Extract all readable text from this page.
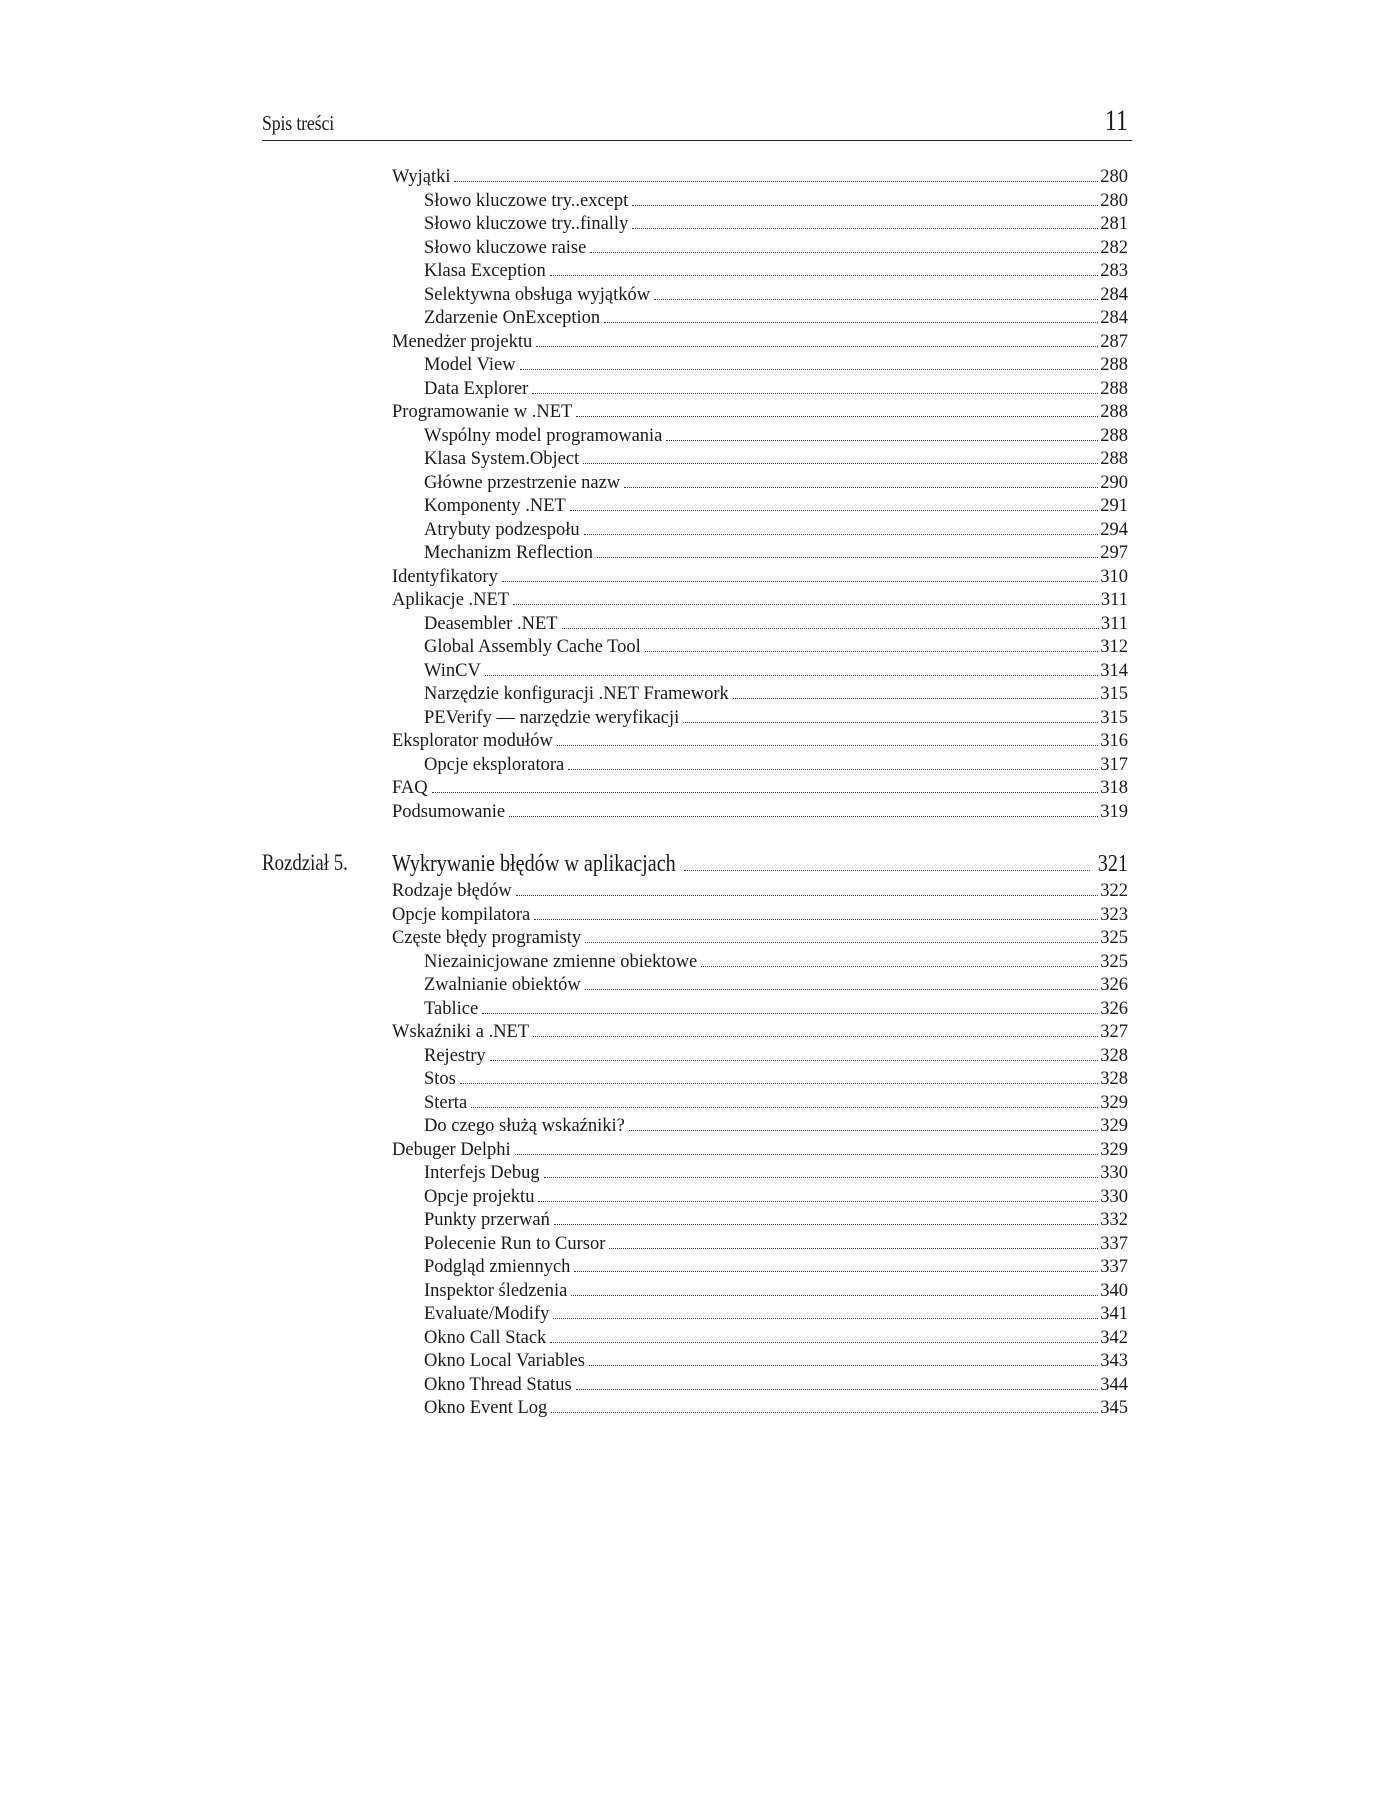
Spis treści	11
Wyjątki	280
Słowo kluczowe try..except	280
Słowo kluczowe try..finally	281
Słowo kluczowe raise	282
Klasa Exception	283
Selektywna obsługa wyjątków	284
Zdarzenie OnException	284
Menedżer projektu	287
Model View	288
Data Explorer	288
Programowanie w .NET	288
Wspólny model programowania	288
Klasa System.Object	288
Główne przestrzenie nazw	290
Komponenty .NET	291
Atrybuty podzespołu	294
Mechanizm Reflection	297
Identyfikatory	310
Aplikacje .NET	311
Deasembler .NET	311
Global Assembly Cache Tool	312
WinCV	314
Narzędzie konfiguracji .NET Framework	315
PEVerify — narzędzie weryfikacji	315
Eksplorator modułów	316
Opcje eksploratora	317
FAQ	318
Podsumowanie	319
Rozdział 5. Wykrywanie błędów w aplikacjach	321
Rodzaje błędów	322
Opcje kompilatora	323
Częste błędy programisty	325
Niezainicjowane zmienne obiektowe	325
Zwalnianie obiektów	326
Tablice	326
Wskaźniki a .NET	327
Rejestry	328
Stos	328
Sterta	329
Do czego służą wskaźniki?	329
Debuger Delphi	329
Interfejs Debug	330
Opcje projektu	330
Punkty przerwań	332
Polecenie Run to Cursor	337
Podgląd zmiennych	337
Inspektor śledzenia	340
Evaluate/Modify	341
Okno Call Stack	342
Okno Local Variables	343
Okno Thread Status	344
Okno Event Log	345
